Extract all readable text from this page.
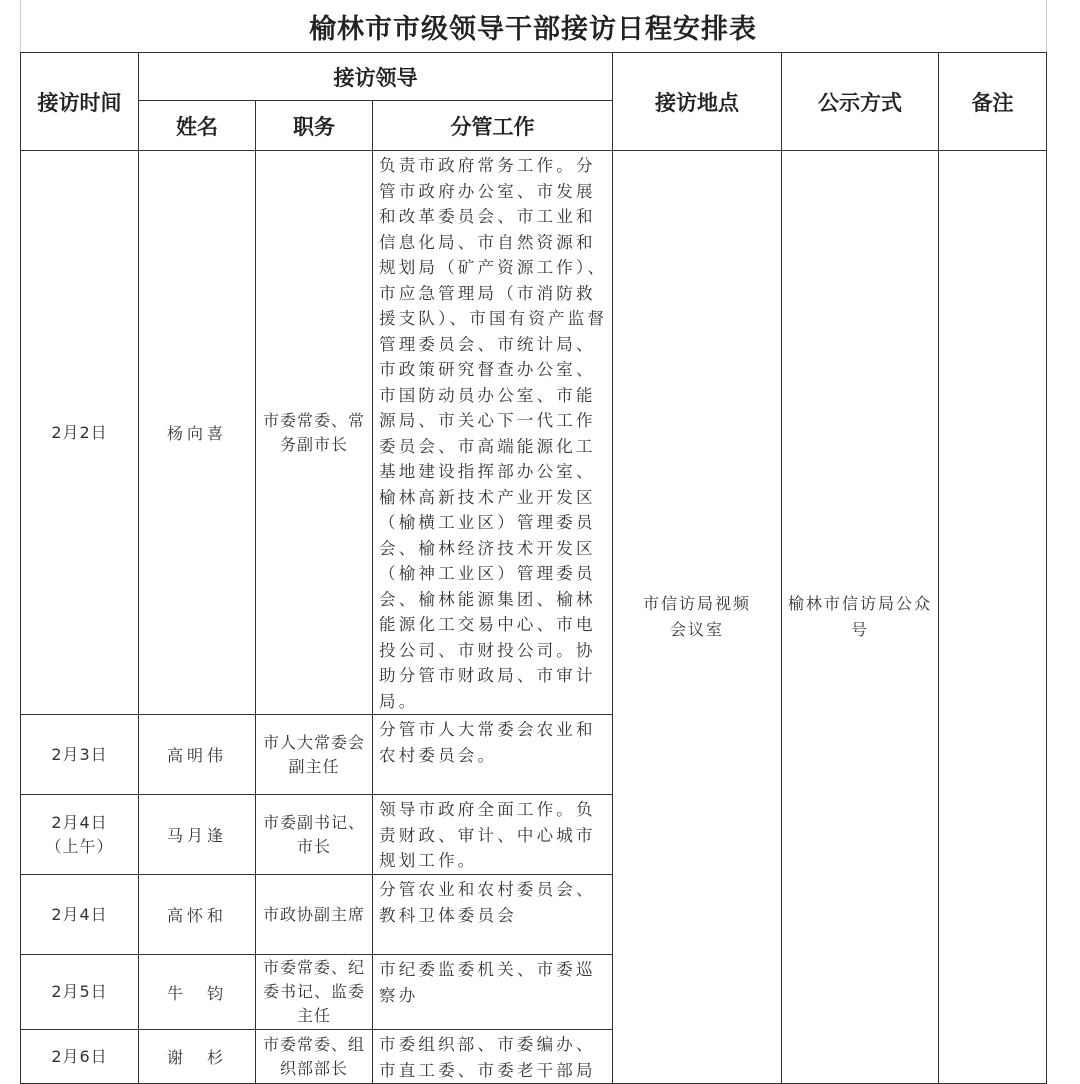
榆林市市级领导干部接访日程安排表
接访时间	接访领导			接访地点	公示方式	备注
	姓名	职务	分管工作			
2月2日	杨向喜	市委常委、常务副市长	负责市政府常务工作。分管市政府办公室、市发展和改革委员会、市工业和信息化局、市自然资源和规划局（矿产资源工作）、市应急管理局（市消防救援支队）、市国有资产监督管理委员会、市统计局、市政策研究督查办公室、市国防动员办公室、市能源局、市关心下一代工作委员会、市高端能源化工基地建设指挥部办公室、榆林高新技术产业开发区（榆横工业区）管理委员会、榆林经济技术开发区（榆神工业区）管理委员会、榆林能源集团、榆林能源化工交易中心、市电投公司、市财投公司。协助分管市财政局、市审计局。	市信访局视频会议室	榆林市信访局公众号	
2月3日	高明伟	市人大常委会副主任	分管市人大常委会农业和农村委员会。			
2月4日（上午）	马月逢	市委副书记、市长	领导市政府全面工作。负责财政、审计、中心城市规划工作。			
2月4日	高怀和	市政协副主席	分管农业和农村委员会、教科卫体委员会			
2月5日	牛　钧	市委常委、纪委书记、监委主任	市纪委监委机关、市委巡察办			
2月6日	谢　杉	市委常委、组织部部长	市委组织部、市委编办、市直工委、市委老干部局			
